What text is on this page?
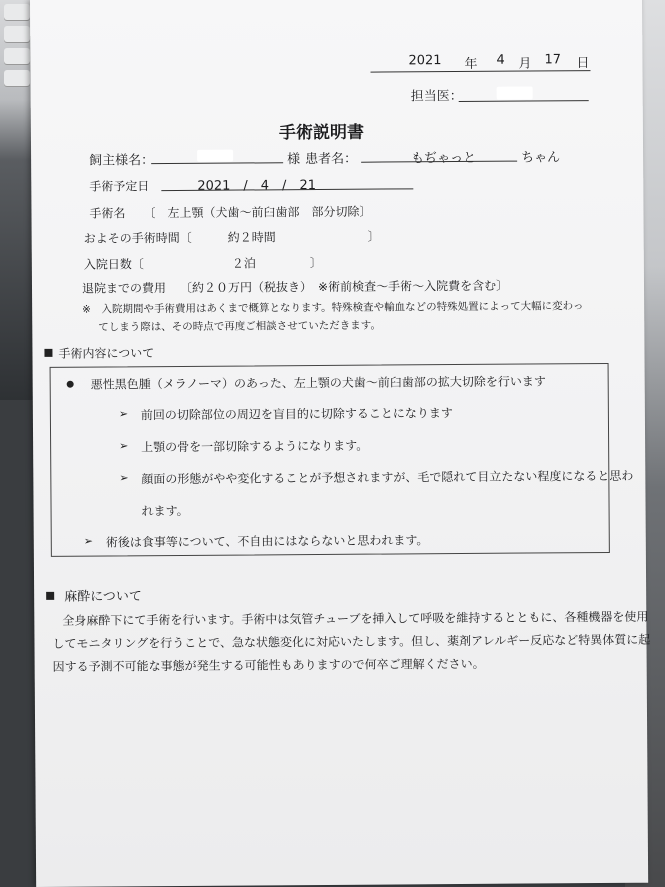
2021 年 4 月 17 日
担当医：
手術説明書
飼主様名：	様 患者名：	もぢゃっと	ちゃん
手術予定日	2021　/　4　/　21
手術名 〔　左上顎（犬歯～前臼歯部　部分切除〕
およその手術時間〔	約２時間	〕
入院日数〔	２泊	〕
退院までの費用 〔約２０万円（税抜き）　※術前検査～手術～入院費を含む〕
※　入院期間や手術費用はあくまで概算となります。特殊検査や輸血などの特殊処置によって大幅に変わっ
てしまう際は、その時点で再度ご相談させていただきます。
手術内容について
悪性黒色腫（メラノーマ）のあった、左上顎の犬歯～前臼歯部の拡大切除を行います
➢ 前回の切除部位の周辺を盲目的に切除することになります
➢ 上顎の骨を一部切除するようになります。
➢ 顔面の形態がやや変化することが予想されますが、毛で隠れて目立たない程度になると思わ
れます。
➢ 術後は食事等について、不自由にはならないと思われます。
麻酔について
全身麻酔下にて手術を行います。手術中は気管チューブを挿入して呼吸を維持するとともに、各種機器を使用
してモニタリングを行うことで、急な状態変化に対応いたします。但し、薬剤アレルギー反応など特異体質に起
因する予測不可能な事態が発生する可能性もありますので何卒ご理解ください。
